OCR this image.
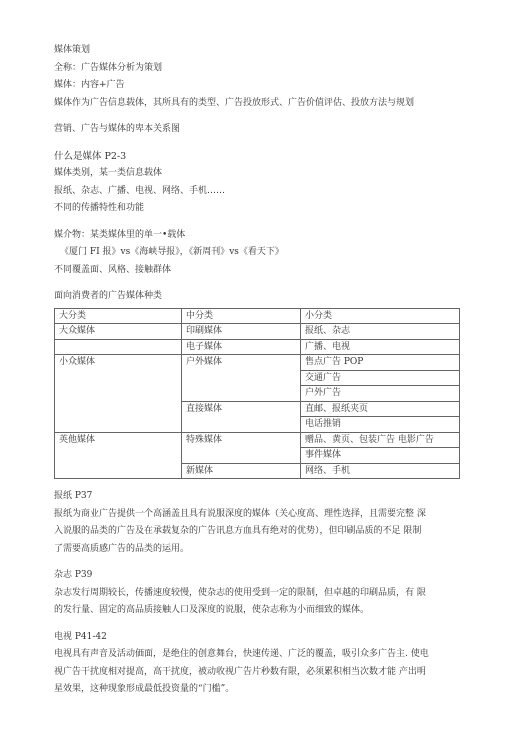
媒体策划
全称：广告媒体分析为策划
媒体：内容+广告
媒体作为广告信息载体，其所具有的类型、广告投放形式、广告价值评估、投放方法与规划
营销、广告与媒体的卑本关系图
什么是媒体 P2-3
媒体类别，某一类信息载体
报纸、杂志、广播、电视、网络、手机……
不同的传播特性和功能
媒介物：某类媒体里的单一•载体
《厦门 FI 报》vs《海峡导报》，《新周刊》vs《看天下》
不同覆盖面、风格、接触群体
面向消费者的广告媒体种类
大分类	中分类	小分类
大众媒体	印刷媒体	报纸、杂志
	电子媒体	广播、电视
小众媒体	户外媒体	售点广告 POP
		交通广告
		户外广告
	直接媒体	直邮、报纸夹页
		电话推销
英他媒体	特殊媒体	赠品、黄页、包装广告 电影广告
		事件媒体
	新媒体	网络、手机
报纸 P37
报纸为商业广告提供一个高涵盖且具有说服深度的媒体（关心度高、理性选择，且需要完整 深
入说服的品类的广告及在承载复杂的广告讯息方血具有绝对的优势），但印刷品质的不足 限制
了需要高质感广告的品类的运用。
杂志 P39
杂志发行周期较长，传播速度较慢，使杂志的使用受到一定的限制，但卓越的印刷品质，有 限
的发行量、固定的高品质接触人口及深度的说服，使杂志称为小而细致的媒体。
电视 P41-42
电视具有声音及活动価面，是绝住的创意舞台，快速传递、广泛的覆盖，吸引众多广告主. 使电
视广告干扰度相对提高，高干扰度，被动收视广告片秒数有限，必须累积相当次数才能 产出明
星效果，这种现象形成最低投资量的“门槛”。
